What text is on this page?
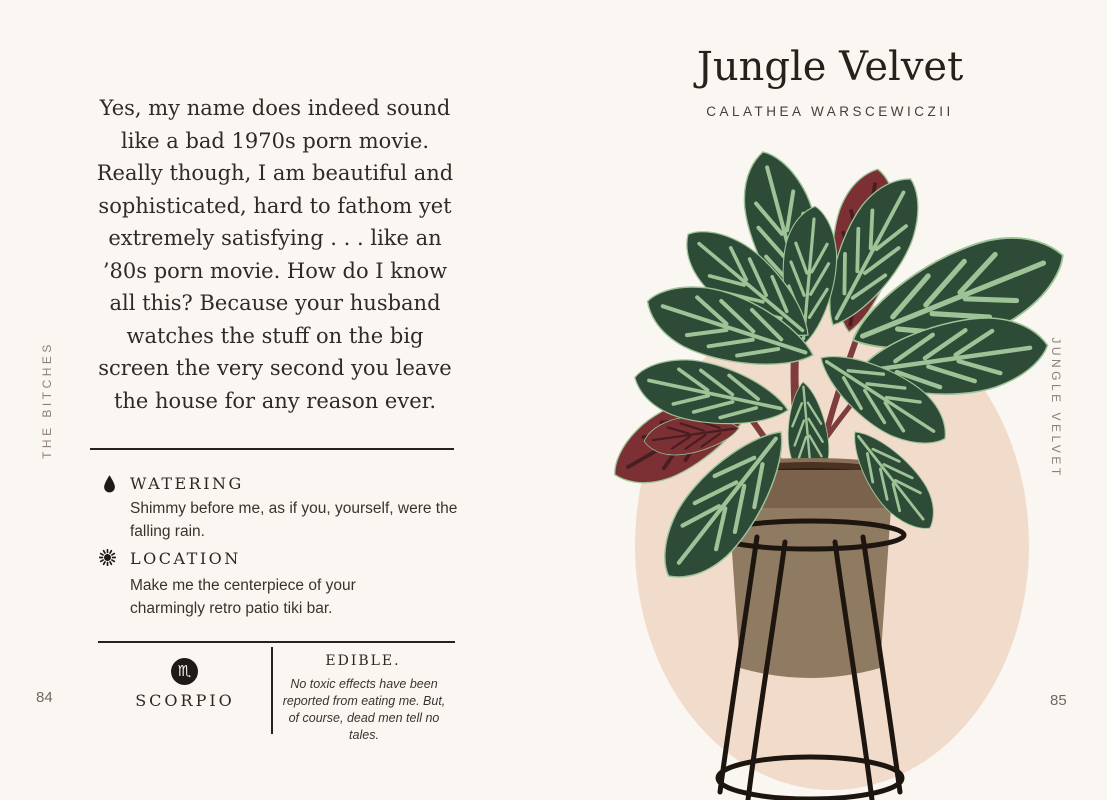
Yes, my name does indeed sound
like a bad 1970s porn movie.
Really though, I am beautiful and
sophisticated, hard to fathom yet
extremely satisfying . . . like an
’80s porn movie. How do I know
all this? Because your husband
watches the stuff on the big
screen the very second you leave
the house for any reason ever.
WATERING
Shimmy before me, as if you, yourself, were the falling rain.
LOCATION
Make me the centerpiece of your charmingly retro patio tiki bar.
♏
SCORPIO
EDIBLE.
No toxic effects have been reported from eating me. But, of course, dead men tell no tales.
84
THE BITCHES
Jungle Velvet
CALATHEA WARSCEWICZII
85
JUNGLE VELVET
